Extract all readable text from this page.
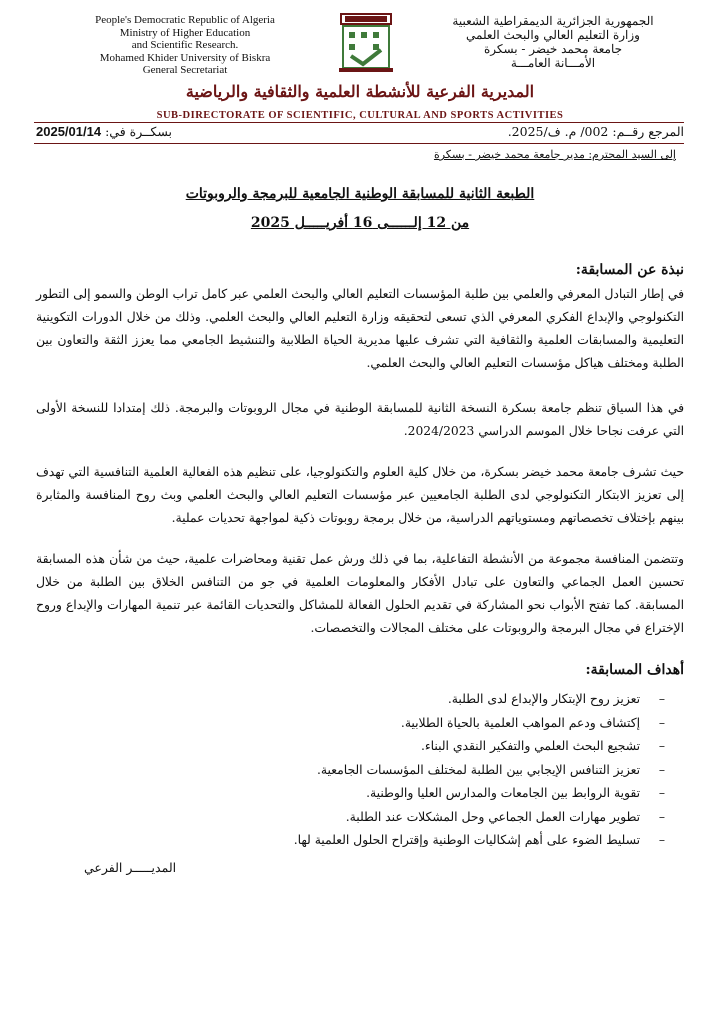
People's Democratic Republic of Algeria
Ministry of Higher Education
and Scientific Research.
Mohamed Khider University of Biskra
General Secretariat
الجمهورية الجزائرية الديمقراطية الشعبية
وزارة التعليم العالي والبحث العلمي
جامعة محمد خيضر - بسكرة
الأمـــانة العامـــة
المديرية الفرعية للأنشطة العلمية والثقافية والرياضية
SUB-DIRECTORATE OF SCIENTIFIC, CULTURAL AND SPORTS ACTIVITIES
المرجع رقــم: 002/ م. ف/2025.
بسكــرة في: 2025/01/14
إلى السيد المحترم: مدير جامعة محمد خيضر - بسكرة
الطبعة الثانية للمسابقة الوطنية الجامعية للبرمجة والروبوتات
من 12 إلــــــى 16 أفريـــــل 2025
نبذة عن المسابقة:
في إطار التبادل المعرفي والعلمي بين طلبة المؤسسات التعليم العالي والبحث العلمي عبر كامل تراب الوطن والسمو إلى التطور التكنولوجي والإبداع الفكري المعرفي الذي تسعى لتحقيقه وزارة التعليم العالي والبحث العلمي. وذلك من خلال الدورات التكوينية التعليمية والمسابقات العلمية والثقافية التي تشرف عليها مديرية الحياة الطلابية والتنشيط الجامعي مما يعزز الثقة والتعاون بين الطلبة ومختلف هياكل مؤسسات التعليم العالي والبحث العلمي.
في هذا السياق تنظم جامعة بسكرة النسخة الثانية للمسابقة الوطنية في مجال الروبوتات والبرمجة. ذلك إمتدادا للنسخة الأولى التي عرفت نجاحا خلال الموسم الدراسي 2024/2023.
حيث تشرف جامعة محمد خيضر بسكرة، من خلال كلية العلوم والتكنولوجيا، على تنظيم هذه الفعالية العلمية التنافسية التي تهدف إلى تعزيز الابتكار التكنولوجي لدى الطلبة الجامعيين عبر مؤسسات التعليم العالي والبحث العلمي وبث روح المنافسة والمثابرة بينهم بإختلاف تخصصاتهم ومستوياتهم الدراسية، من خلال برمجة روبوتات ذكية لمواجهة تحديات عملية.
وتتضمن المنافسة مجموعة من الأنشطة التفاعلية، بما في ذلك ورش عمل تقنية ومحاضرات علمية، حيث من شأن هذه المسابقة تحسين العمل الجماعي والتعاون على تبادل الأفكار والمعلومات العلمية في جو من التنافس الخلاق بين الطلبة من خلال المسابقة. كما تفتح الأبواب نحو المشاركة في تقديم الحلول الفعالة للمشاكل والتحديات القائمة عبر تنمية المهارات والإبداع وروح الإختراع في مجال البرمجة والروبوتات على مختلف المجالات والتخصصات.
أهداف المسابقة:
–تعزيز روح الإبتكار والإبداع لدى الطلبة.
–إكتشاف ودعم المواهب العلمية بالحياة الطلابية.
–تشجيع البحث العلمي والتفكير النقدي البناء.
–تعزيز التنافس الإيجابي بين الطلبة لمختلف المؤسسات الجامعية.
–تقوية الروابط بين الجامعات والمدارس العليا والوطنية.
–تطوير مهارات العمل الجماعي وحل المشكلات عند الطلبة.
–تسليط الضوء على أهم إشكاليات الوطنية وإقتراح الحلول العلمية لها.
المديـــــر الفرعي
